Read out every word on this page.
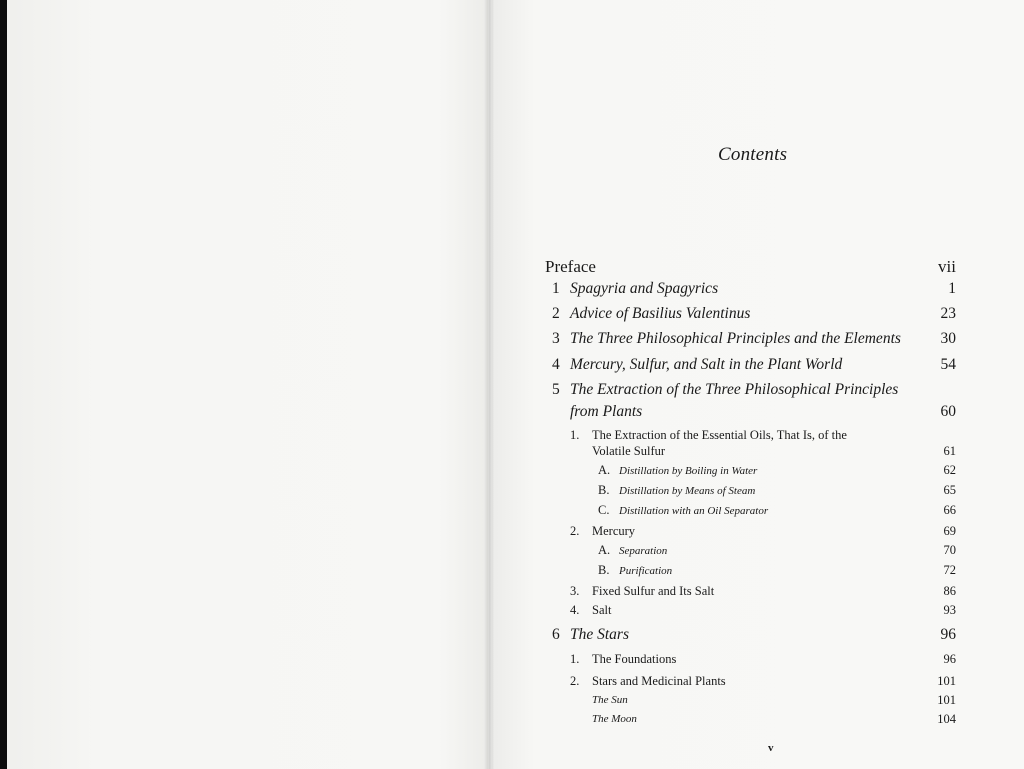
Contents
Preface	vii
1 Spagyria and Spagyrics	1
2 Advice of Basilius Valentinus	23
3 The Three Philosophical Principles and the Elements	30
4 Mercury, Sulfur, and Salt in the Plant World	54
5 The Extraction of the Three Philosophical Principles
from Plants	60
1. The Extraction of the Essential Oils, That Is, of the
Volatile Sulfur	61
A. Distillation by Boiling in Water	62
B. Distillation by Means of Steam	65
C. Distillation with an Oil Separator	66
2. Mercury	69
A. Separation	70
B. Purification	72
3. Fixed Sulfur and Its Salt	86
4. Salt	93
6 The Stars	96
1. The Foundations	96
2. Stars and Medicinal Plants	101
The Sun	101
The Moon	104
v
